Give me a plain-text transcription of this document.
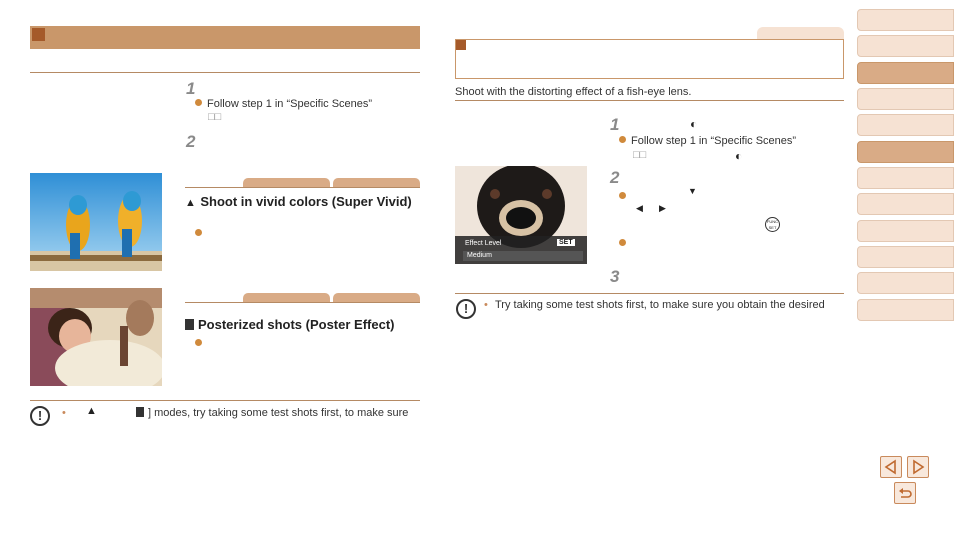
1
Follow step 1 in “Specific Scenes”
□□
2
▲ Shoot in vivid colors (Super Vivid)
Posterized shots (Poster Effect)
!	• ▲	] modes, try taking some test shots first, to make sure
Shoot with the distorting effect of a fish-eye lens.
1	◐
Follow step 1 in “Specific Scenes”
□□	◐
Effect Level	SET
Medium
2
▼
◀ ▶
FUNC SET
3
!	• Try taking some test shots first, to make sure you obtain the desired
